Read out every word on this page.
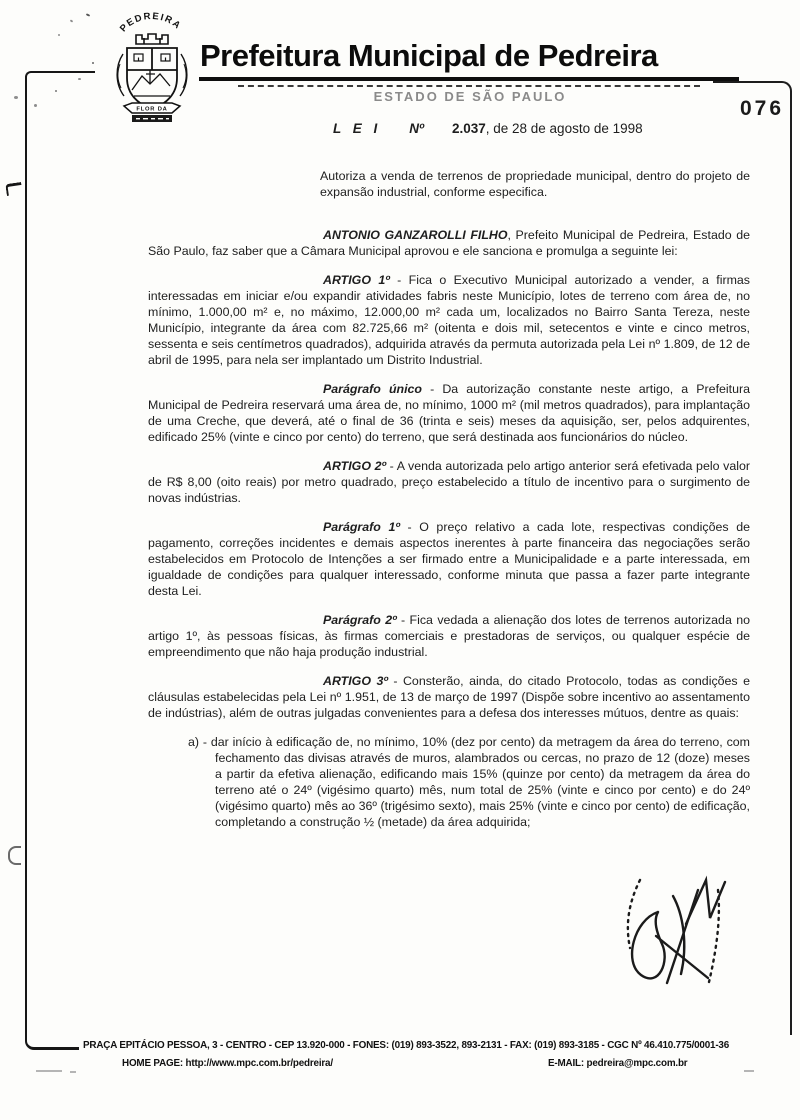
PEDREIRA
FLOR DA
Prefeitura Municipal de Pedreira
ESTADO DE SÃO PAULO
076
L E I Nº 2.037 , de 28 de agosto de 1998

Autoriza a venda de terrenos de propriedade municipal, dentro do projeto de expansão industrial, conforme especifica.

ANTONIO GANZAROLLI FILHO, Prefeito Municipal de Pedreira, Estado de São Paulo, faz saber que a Câmara Municipal aprovou e ele sanciona e promulga a seguinte lei:

ARTIGO 1º - Fica o Executivo Municipal autorizado a vender, a firmas interessadas em iniciar e/ou expandir atividades fabris neste Município, lotes de terreno com área de, no mínimo, 1.000,00 m² e, no máximo, 12.000,00 m² cada um, localizados no Bairro Santa Tereza, neste Município, integrante da área com 82.725,66 m² (oitenta e dois mil, setecentos e vinte e cinco metros, sessenta e seis centímetros quadrados), adquirida através da permuta autorizada pela Lei nº 1.809, de 12 de abril de 1995, para nela ser implantado um Distrito Industrial.

Parágrafo único - Da autorização constante neste artigo, a Prefeitura Municipal de Pedreira reservará uma área de, no mínimo, 1000 m² (mil metros quadrados), para implantação de uma Creche, que deverá, até o final de 36 (trinta e seis) meses da aquisição, ser, pelos adquirentes, edificado 25% (vinte e cinco por cento) do terreno, que será destinada aos funcionários do núcleo.

ARTIGO 2º - A venda autorizada pelo artigo anterior será efetivada pelo valor de R$ 8,00 (oito reais) por metro quadrado, preço estabelecido a título de incentivo para o surgimento de novas indústrias.

Parágrafo 1º - O preço relativo a cada lote, respectivas condições de pagamento, correções incidentes e demais aspectos inerentes à parte financeira das negociações serão estabelecidos em Protocolo de Intenções a ser firmado entre a Municipalidade e a parte interessada, em igualdade de condições para qualquer interessado, conforme minuta que passa a fazer parte integrante desta Lei.

Parágrafo 2º - Fica vedada a alienação dos lotes de terrenos autorizada no artigo 1º, às pessoas físicas, às firmas comerciais e prestadoras de serviços, ou qualquer espécie de empreendimento que não haja produção industrial.

ARTIGO 3º - Consterão, ainda, do citado Protocolo, todas as condições e cláusulas estabelecidas pela Lei nº 1.951, de 13 de março de 1997 (Dispõe sobre incentivo ao assentamento de indústrias), além de outras julgadas convenientes para a defesa dos interesses mútuos, dentre as quais:

a) - dar início à edificação de, no mínimo, 10% (dez por cento) da metragem da área do terreno, com fechamento das divisas através de muros, alambrados ou cercas, no prazo de 12 (doze) meses a partir da efetiva alienação, edificando mais 15% (quinze por cento) da metragem da área do terreno até o 24º (vigésimo quarto) mês, num total de 25% (vinte e cinco por cento) e do 24º (vigésimo quarto) mês ao 36º (trigésimo sexto), mais 25% (vinte e cinco por cento) de edificação, completando a construção ½ (metade) da área adquirida;

PRAÇA EPITÁCIO PESSOA, 3 - CENTRO - CEP 13.920-000 - FONES: (019) 893-3522, 893-2131 - FAX: (019) 893-3185 - CGC Nº 46.410.775/0001-36
HOME PAGE: http://www.mpc.com.br/pedreira/	E-MAIL: pedreira@mpc.com.br
